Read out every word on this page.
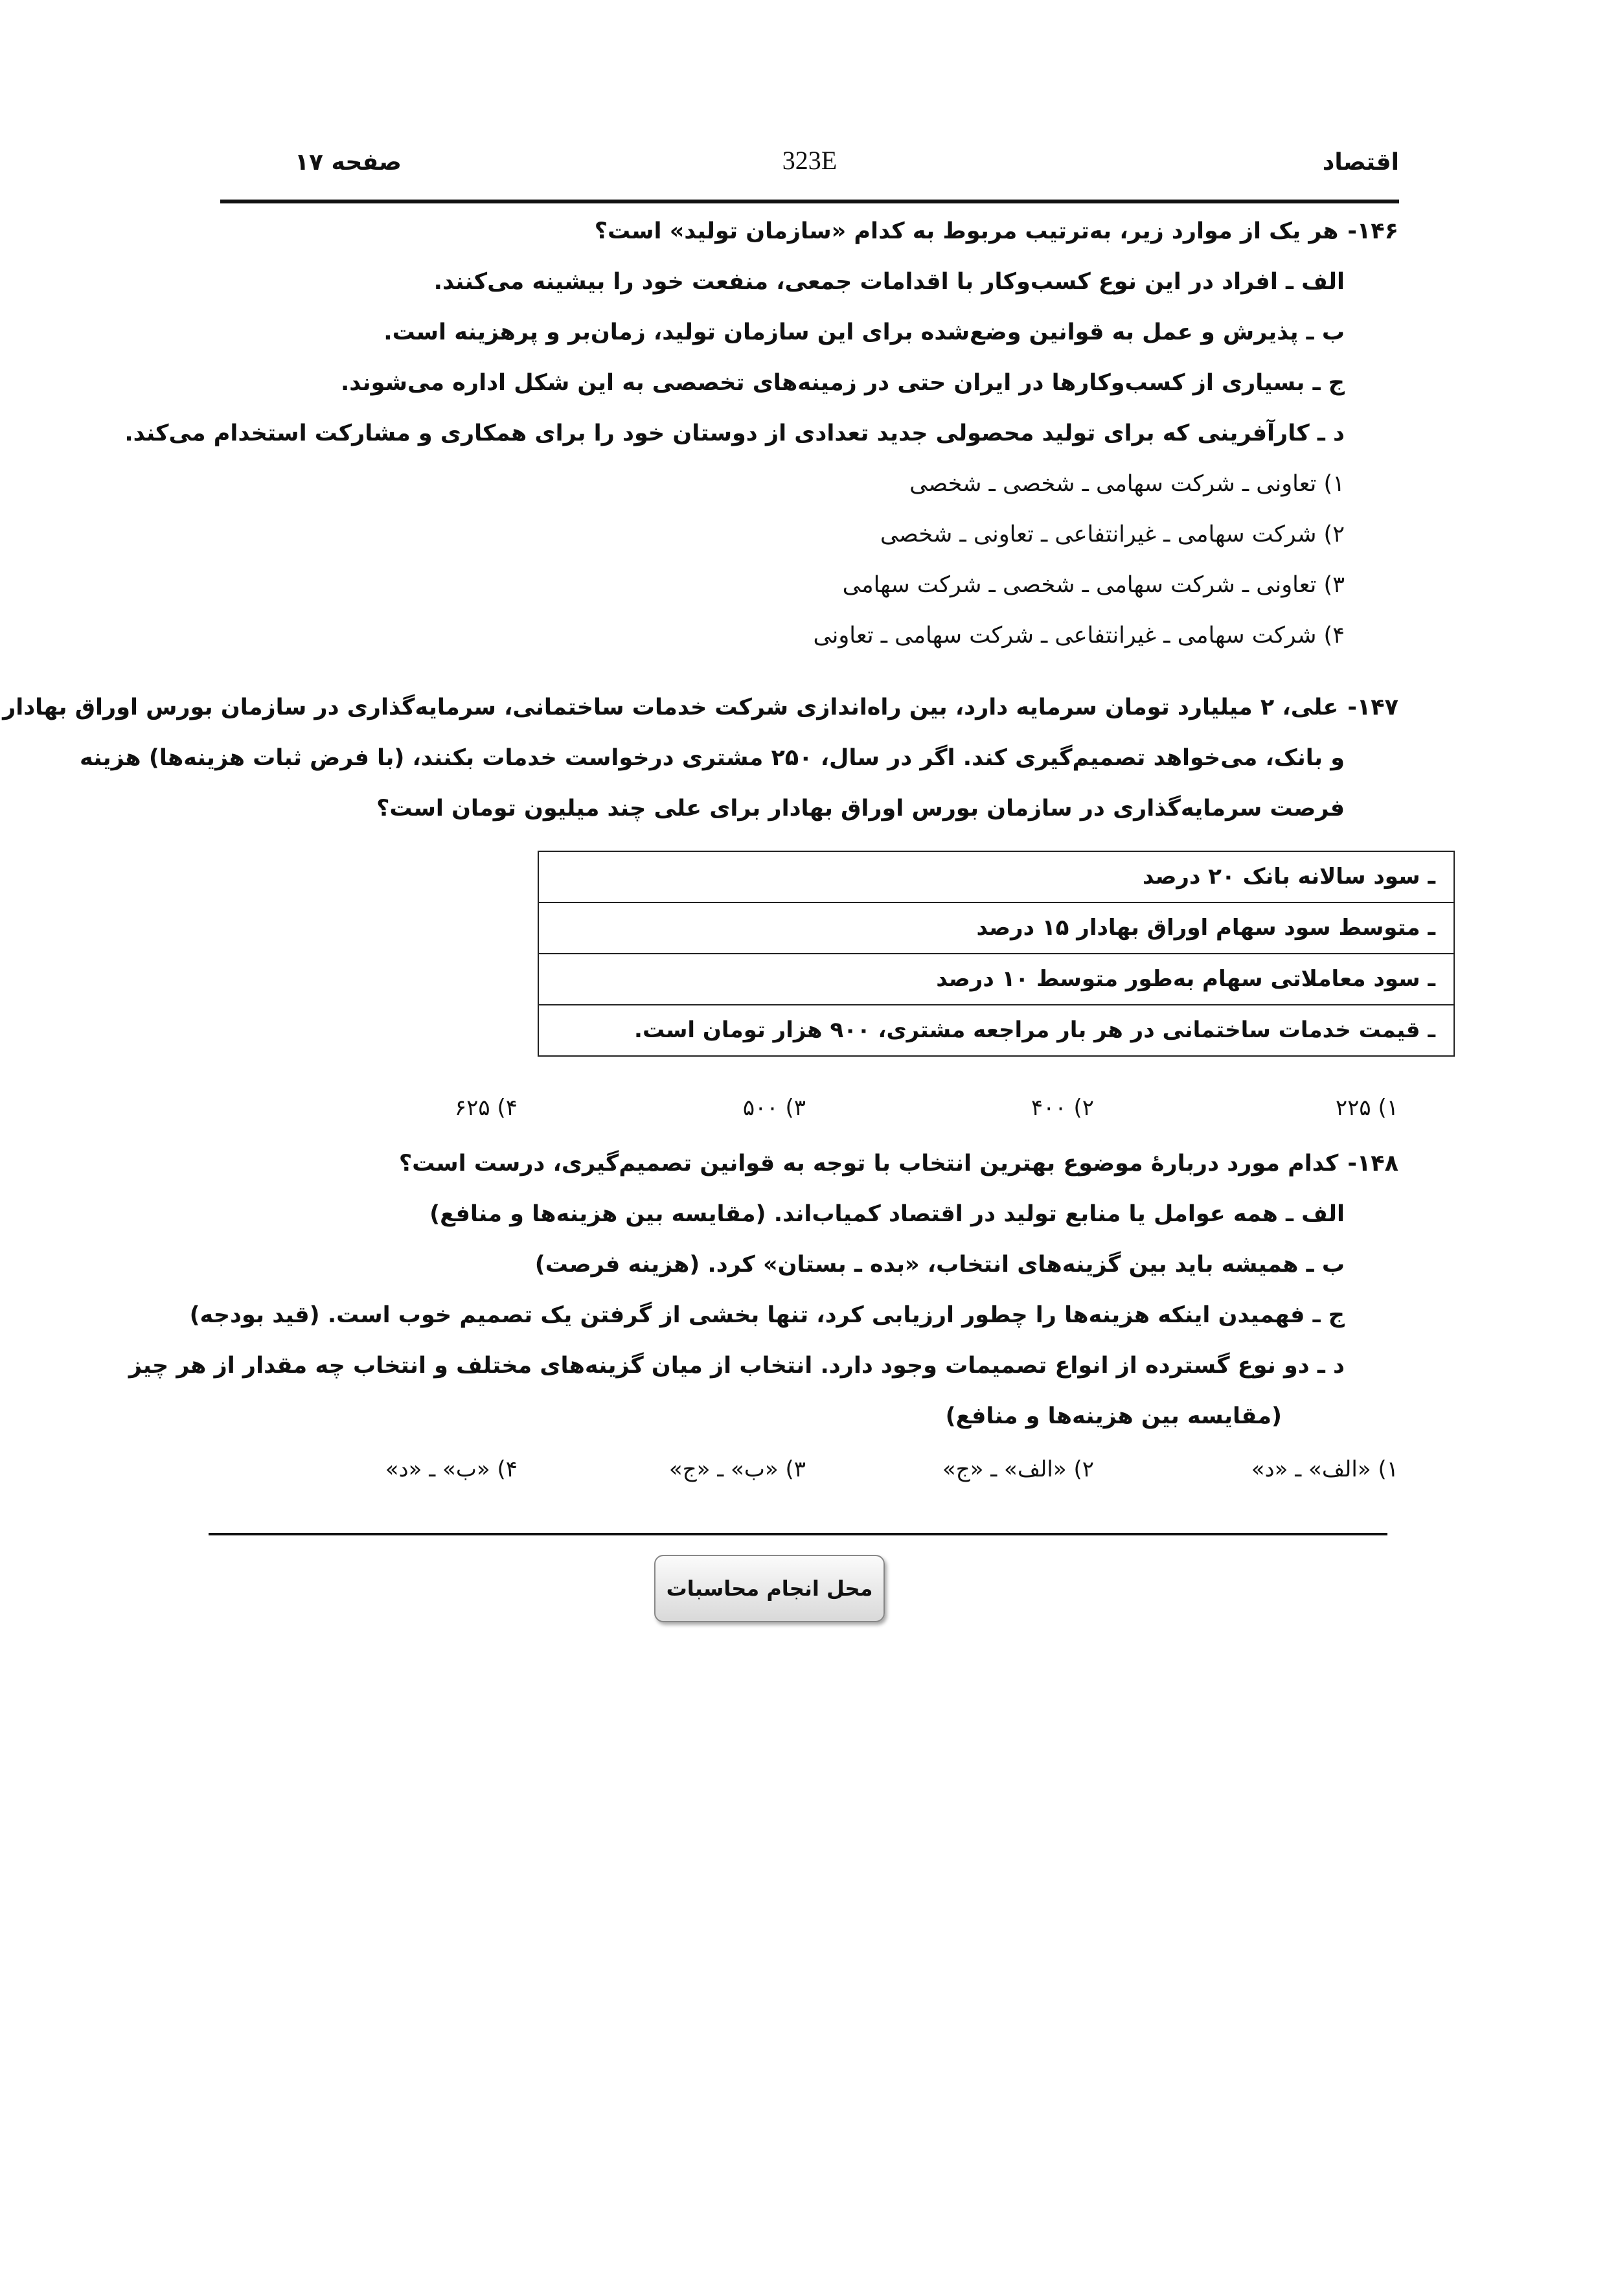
اقتصاد
323E
صفحه ۱۷
۱۴۶-هر یک از موارد زیر، به‌ترتیب مربوط به کدام «سازمان تولید» است؟
الف ـ افراد در این نوع کسب‌وکار با اقدامات جمعی، منفعت خود را بیشینه می‌کنند.
ب ـ پذیرش و عمل به قوانین وضع‌شده برای این سازمان تولید، زمان‌بر و پرهزینه است.
ج ـ بسیاری از کسب‌وکارها در ایران حتی در زمینه‌های تخصصی به این شکل اداره می‌شوند.
د ـ کارآفرینی که برای تولید محصولی جدید تعدادی از دوستان خود را برای همکاری و مشارکت استخدام می‌کند.
۱) تعاونی ـ شرکت سهامی ـ شخصی ـ شخصی
۲) شرکت سهامی ـ غیرانتفاعی ـ تعاونی ـ شخصی
۳) تعاونی ـ شرکت سهامی ـ شخصی ـ شرکت سهامی
۴) شرکت سهامی ـ غیرانتفاعی ـ شرکت سهامی ـ تعاونی
۱۴۷-علی، ۲ میلیارد تومان سرمایه دارد، بین راه‌اندازی شرکت خدمات ساختمانی، سرمایه‌گذاری در سازمان بورس اوراق بهادار
و بانک، می‌خواهد تصمیم‌گیری کند. اگر در سال، ۲۵۰ مشتری درخواست خدمات بکنند، (با فرض ثبات هزینه‌ها) هزینه
فرصت سرمایه‌گذاری در سازمان بورس اوراق بهادار برای علی چند میلیون تومان است؟
ـ سود سالانه بانک ۲۰ درصد
ـ متوسط سود سهام اوراق بهادار ۱۵ درصد
ـ سود معاملاتی سهام به‌طور متوسط ۱۰ درصد
ـ قیمت خدمات ساختمانی در هر بار مراجعه مشتری، ۹۰۰ هزار تومان است.
۱) ۲۲۵
۲) ۴۰۰
۳) ۵۰۰
۴) ۶۲۵
۱۴۸-کدام مورد دربارهٔ موضوع بهترین انتخاب با توجه به قوانین تصمیم‌گیری، درست است؟
الف ـ همه عوامل یا منابع تولید در اقتصاد کمیاب‌اند. (مقایسه بین هزینه‌ها و منافع)
ب ـ همیشه باید بین گزینه‌های انتخاب، «بده ـ بستان» کرد. (هزینه فرصت)
ج ـ فهمیدن اینکه هزینه‌ها را چطور ارزیابی کرد، تنها بخشی از گرفتن یک تصمیم خوب است. (قید بودجه)
د ـ دو نوع گسترده از انواع تصمیمات وجود دارد. انتخاب از میان گزینه‌های مختلف و انتخاب چه مقدار از هر چیز
(مقایسه بین هزینه‌ها و منافع)
۱) «الف» ـ «د»
۲) «الف» ـ «ج»
۳) «ب» ـ «ج»
۴) «ب» ـ «د»
محل انجام محاسبات
